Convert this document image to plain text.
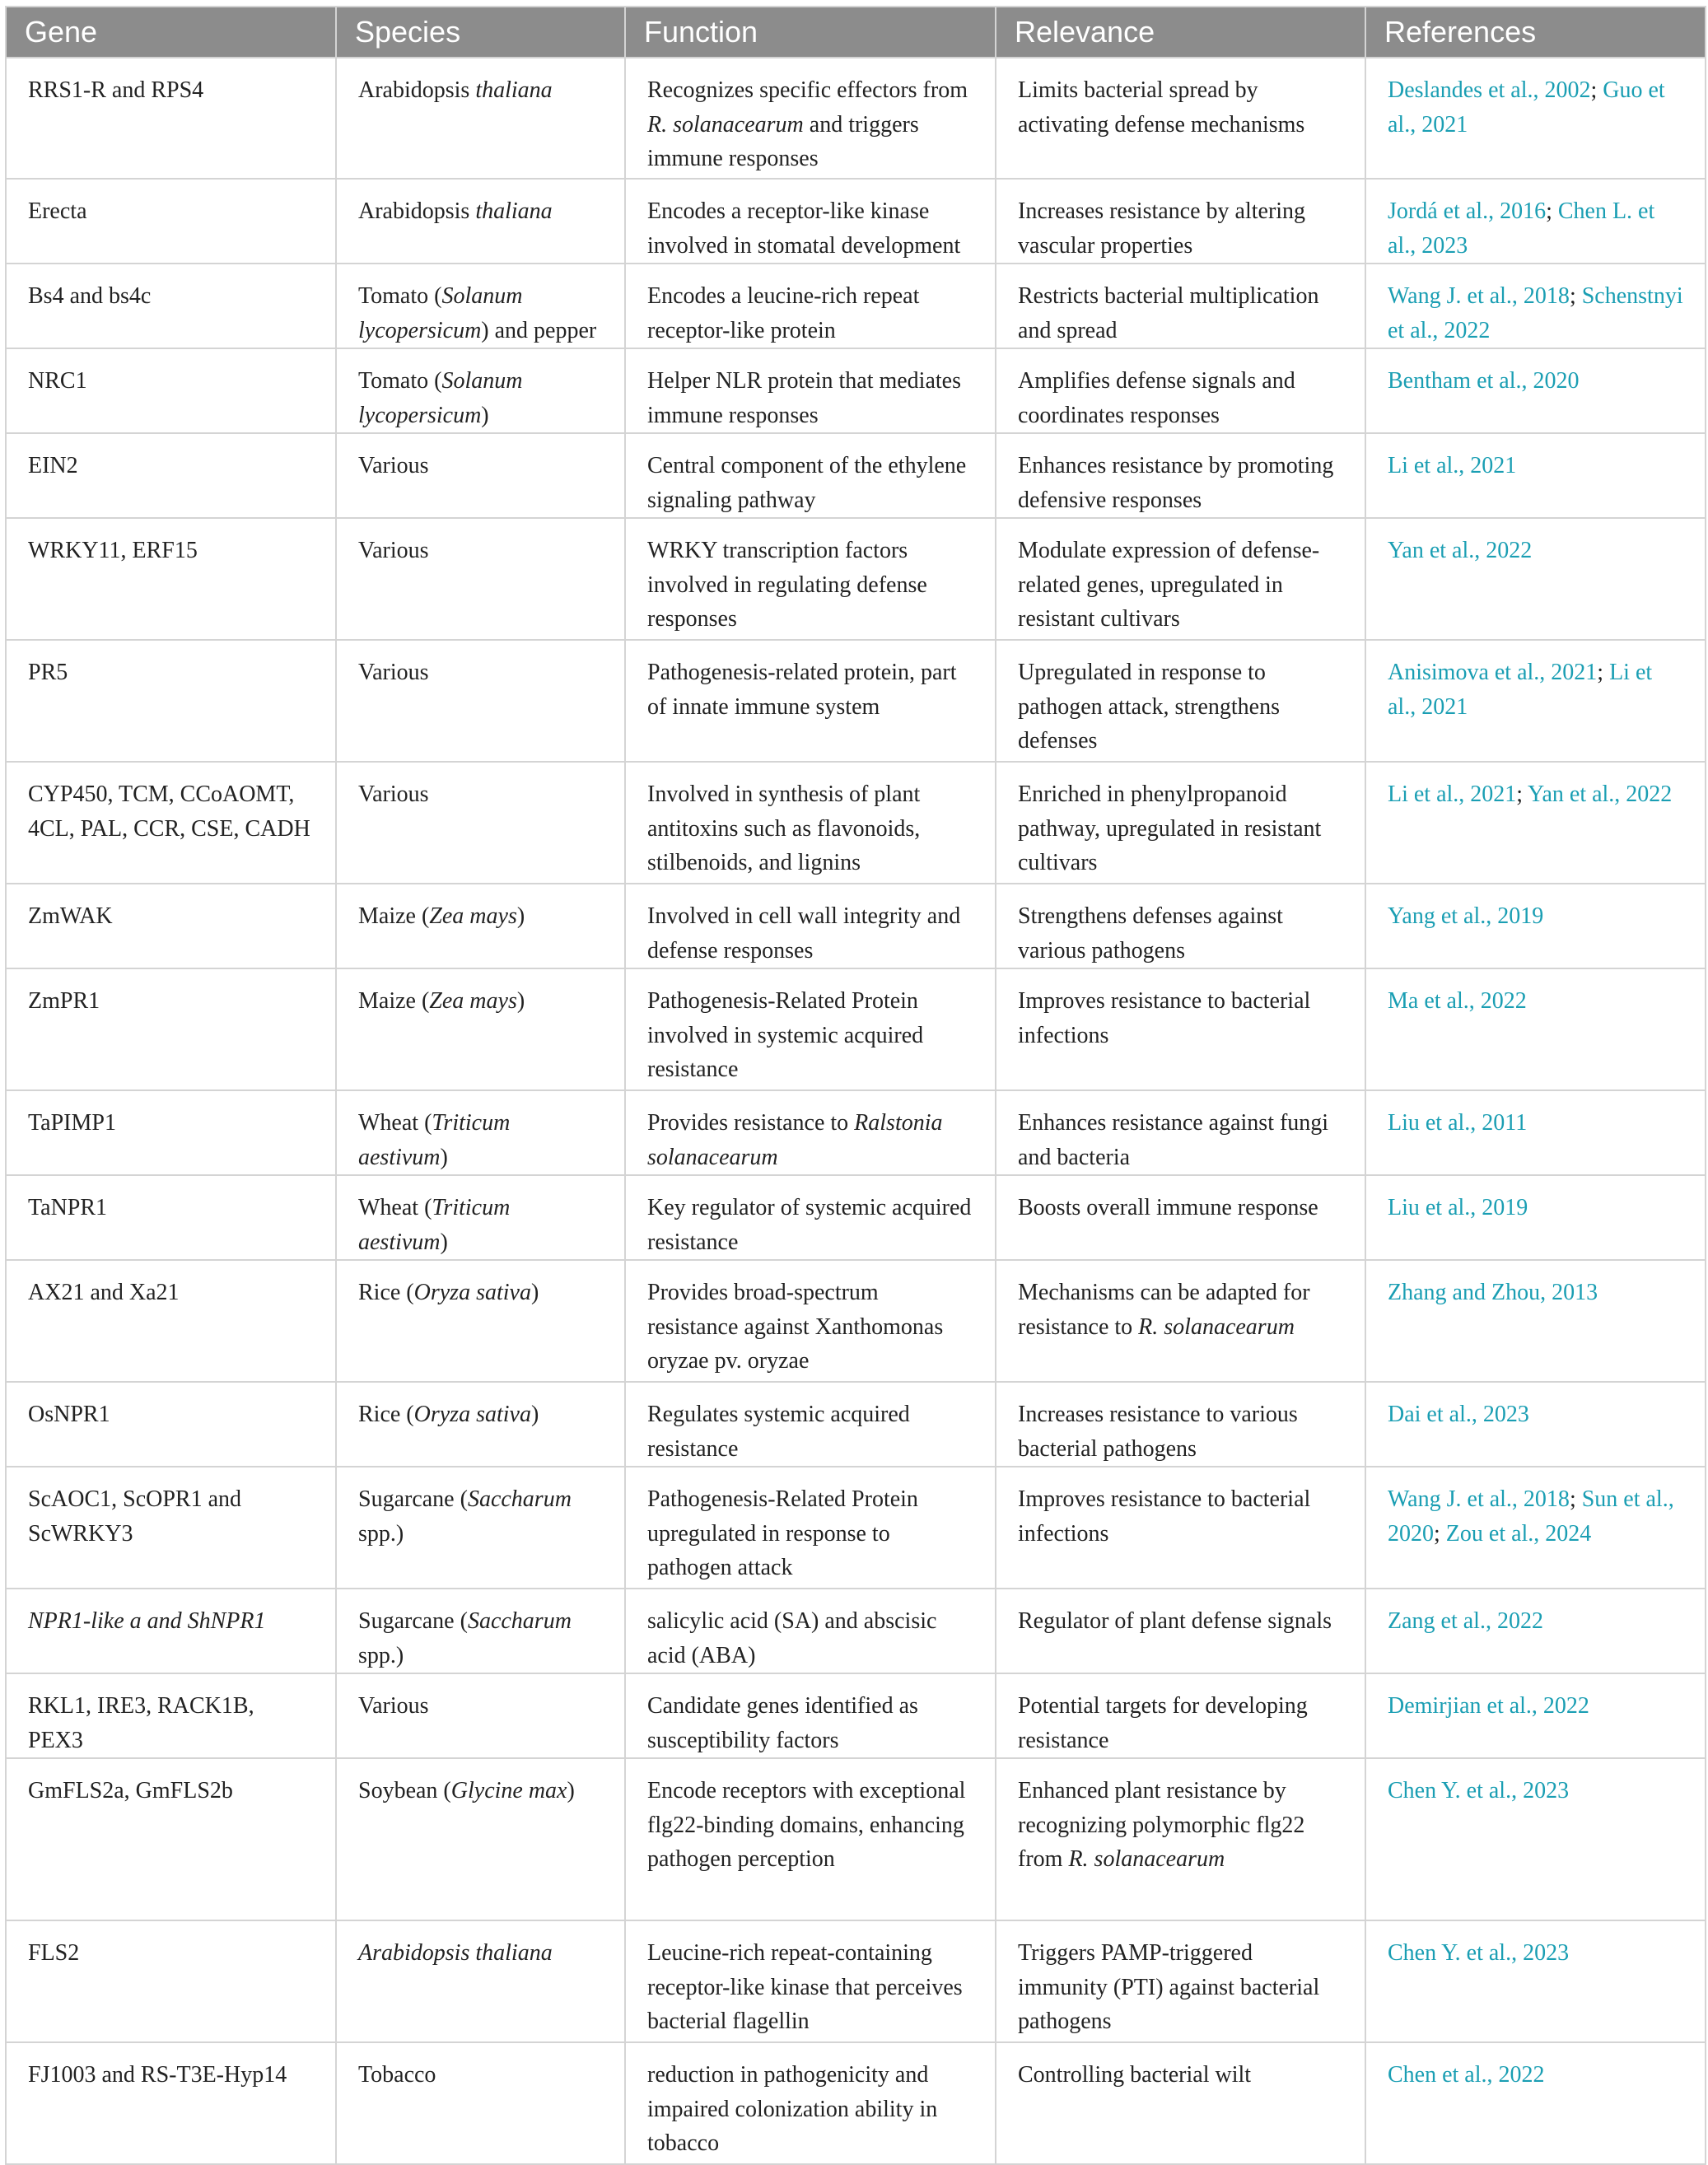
Gene	Species	Function	Relevance	References
RRS1-R and RPS4	Arabidopsis thaliana	Recognizes specific effectors from R. solanacearum and triggers immune responses	Limits bacterial spread by activating defense mechanisms	Deslandes et al., 2002; Guo et al., 2021
Erecta	Arabidopsis thaliana	Encodes a receptor-like kinase involved in stomatal development	Increases resistance by altering vascular properties	Jordá et al., 2016; Chen L. et al., 2023
Bs4 and bs4c	Tomato (Solanum lycopersicum) and pepper	Encodes a leucine-rich repeat receptor-like protein	Restricts bacterial multiplication and spread	Wang J. et al., 2018; Schenstnyi et al., 2022
NRC1	Tomato (Solanum lycopersicum)	Helper NLR protein that mediates immune responses	Amplifies defense signals and coordinates responses	Bentham et al., 2020
EIN2	Various	Central component of the ethylene signaling pathway	Enhances resistance by promoting defensive responses	Li et al., 2021
WRKY11, ERF15	Various	WRKY transcription factors involved in regulating defense responses	Modulate expression of defense-related genes, upregulated in resistant cultivars	Yan et al., 2022
PR5	Various	Pathogenesis-related protein, part of innate immune system	Upregulated in response to pathogen attack, strengthens defenses	Anisimova et al., 2021; Li et al., 2021
CYP450, TCM, CCoAOMT, 4CL, PAL, CCR, CSE, CADH	Various	Involved in synthesis of plant antitoxins such as flavonoids, stilbenoids, and lignins	Enriched in phenylpropanoid pathway, upregulated in resistant cultivars	Li et al., 2021; Yan et al., 2022
ZmWAK	Maize (Zea mays)	Involved in cell wall integrity and defense responses	Strengthens defenses against various pathogens	Yang et al., 2019
ZmPR1	Maize (Zea mays)	Pathogenesis-Related Protein involved in systemic acquired resistance	Improves resistance to bacterial infections	Ma et al., 2022
TaPIMP1	Wheat (Triticum aestivum)	Provides resistance to Ralstonia solanacearum	Enhances resistance against fungi and bacteria	Liu et al., 2011
TaNPR1	Wheat (Triticum aestivum)	Key regulator of systemic acquired resistance	Boosts overall immune response	Liu et al., 2019
AX21 and Xa21	Rice (Oryza sativa)	Provides broad-spectrum resistance against Xanthomonas oryzae pv. oryzae	Mechanisms can be adapted for resistance to R. solanacearum	Zhang and Zhou, 2013
OsNPR1	Rice (Oryza sativa)	Regulates systemic acquired resistance	Increases resistance to various bacterial pathogens	Dai et al., 2023
ScAOC1, ScOPR1 and ScWRKY3	Sugarcane (Saccharum spp.)	Pathogenesis-Related Protein upregulated in response to pathogen attack	Improves resistance to bacterial infections	Wang J. et al., 2018; Sun et al., 2020; Zou et al., 2024
NPR1-like a and ShNPR1	Sugarcane (Saccharum spp.)	salicylic acid (SA) and abscisic acid (ABA)	Regulator of plant defense signals	Zang et al., 2022
RKL1, IRE3, RACK1B, PEX3	Various	Candidate genes identified as susceptibility factors	Potential targets for developing resistance	Demirjian et al., 2022
GmFLS2a, GmFLS2b	Soybean (Glycine max)	Encode receptors with exceptional flg22-binding domains, enhancing pathogen perception	Enhanced plant resistance by recognizing polymorphic flg22 from R. solanacearum	Chen Y. et al., 2023
FLS2	Arabidopsis thaliana	Leucine-rich repeat-containing receptor-like kinase that perceives bacterial flagellin	Triggers PAMP-triggered immunity (PTI) against bacterial pathogens	Chen Y. et al., 2023
FJ1003 and RS-T3E-Hyp14	Tobacco	reduction in pathogenicity and impaired colonization ability in tobacco	Controlling bacterial wilt	Chen et al., 2022
